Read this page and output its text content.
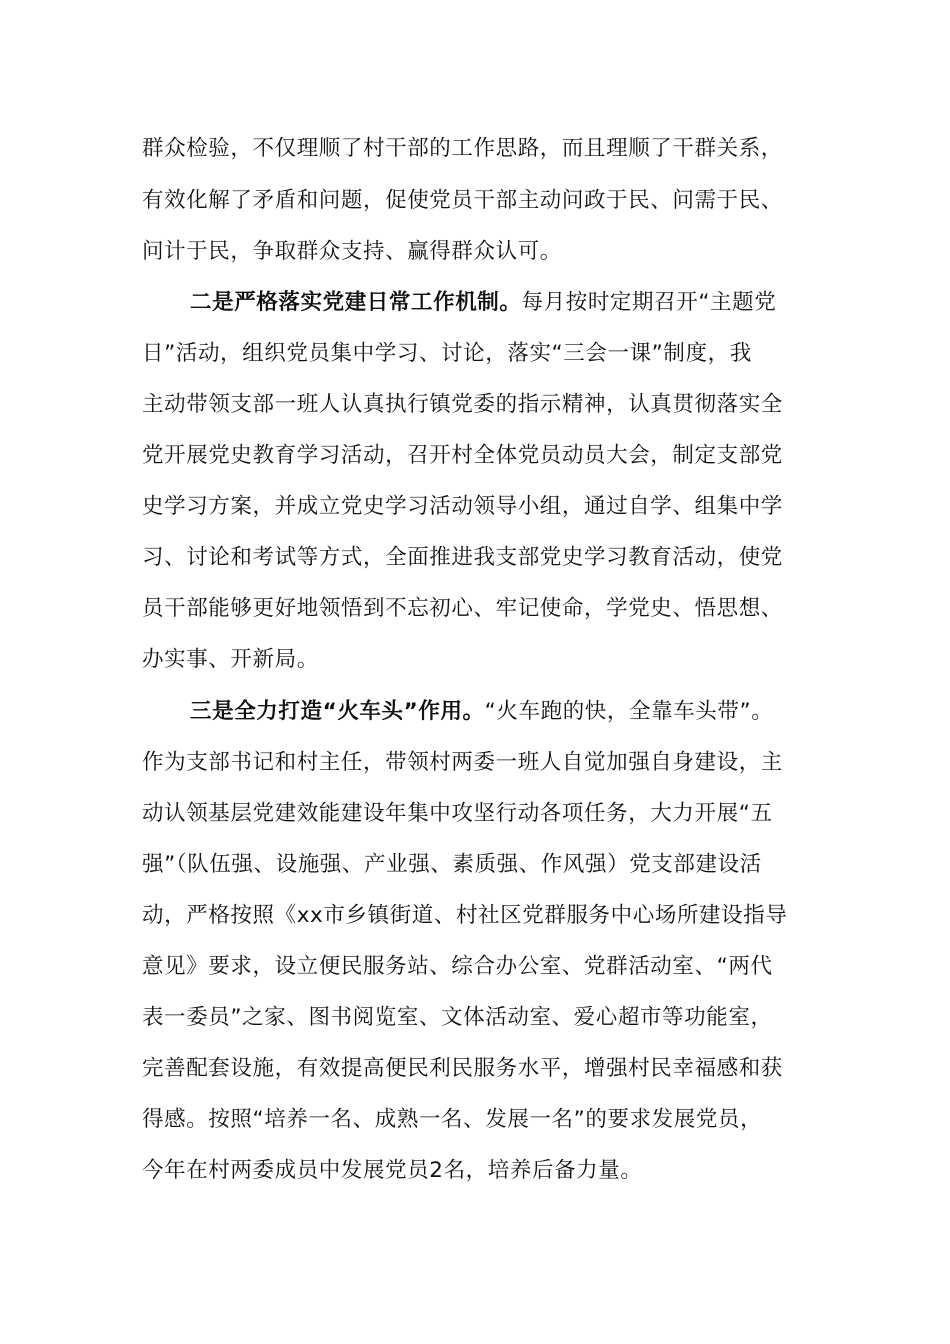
群众检验，不仅理顺了村干部的工作思路，而且理顺了干群关系，
有效化解了矛盾和问题，促使党员干部主动问政于民、问需于民、
问计于民，争取群众支持、赢得群众认可。
二是严格落实党建日常工作机制。每月按时定期召开“主题党
日”活动，组织党员集中学习、讨论，落实“三会一课”制度，我
主动带领支部一班人认真执行镇党委的指示精神，认真贯彻落实全
党开展党史教育学习活动，召开村全体党员动员大会，制定支部党
史学习方案，并成立党史学习活动领导小组，通过自学、组集中学
习、讨论和考试等方式，全面推进我支部党史学习教育活动，使党
员干部能够更好地领悟到不忘初心、牢记使命，学党史、悟思想、
办实事、开新局。
三是全力打造“火车头”作用。“火车跑的快，全靠车头带”。
作为支部书记和村主任，带领村两委一班人自觉加强自身建设，主
动认领基层党建效能建设年集中攻坚行动各项任务，大力开展“五
强”（队伍强、设施强、产业强、素质强、作风强）党支部建设活
动，严格按照《xx市乡镇街道、村社区党群服务中心场所建设指导
意见》要求，设立便民服务站、综合办公室、党群活动室、“两代
表一委员”之家、图书阅览室、文体活动室、爱心超市等功能室，
完善配套设施，有效提高便民利民服务水平，增强村民幸福感和获
得感。按照“培养一名、成熟一名、发展一名”的要求发展党员，
今年在村两委成员中发展党员2名，培养后备力量。
